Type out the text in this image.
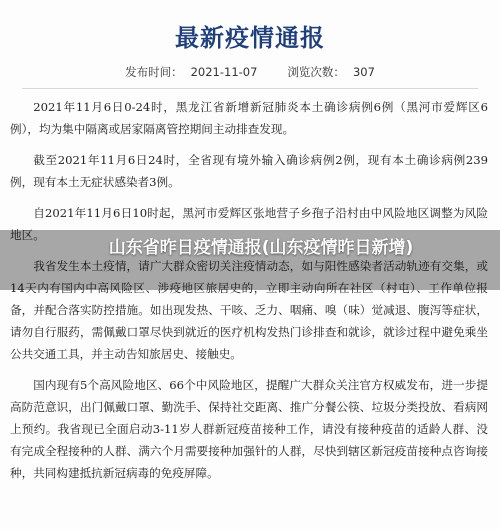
最新疫情通报
发布时间： 2021-11-07	浏览次数： 307

2021年11月6日0-24时，黑龙江省新增新冠肺炎本土确诊病例6例（黑河市爱辉区6例），均为集中隔离或居家隔离管控期间主动排查发现。

截至2021年11月6日24时，全省现有境外输入确诊病例2例，现有本土确诊病例239例，现有本土无症状感染者3例。

自2021年11月6日10时起，黑河市爱辉区张地营子乡孢子沿村由中风险地区调整为风险地区。

我省发生本土疫情，请广大群众密切关注疫情动态，如与阳性感染者活动轨迹有交集，或14天内有国内中高风险区、涉疫地区旅居史的，立即主动向所在社区（村屯）、工作单位报备，并配合落实防控措施。如出现发热、干咳、乏力、咽痛、嗅（味）觉减退、腹泻等症状，请勿自行服药，需佩戴口罩尽快到就近的医疗机构发热门诊排查和就诊，就诊过程中避免乘坐公共交通工具，并主动告知旅居史、接触史。

国内现有5个高风险地区、66个中风险地区，提醒广大群众关注官方权威发布，进一步提高防范意识，出门佩戴口罩、勤洗手、保持社交距离、推广分餐公筷、垃圾分类投放、看病网上预约。我省现已全面启动3-11岁人群新冠疫苗接种工作，请没有接种疫苗的适龄人群、没有完成全程接种的人群、满六个月需要接种加强针的人群，尽快到辖区新冠疫苗接种点咨询接种，共同构建抵抗新冠病毒的免疫屏障。

山东省昨日疫情通报(山东疫情昨日新增)
